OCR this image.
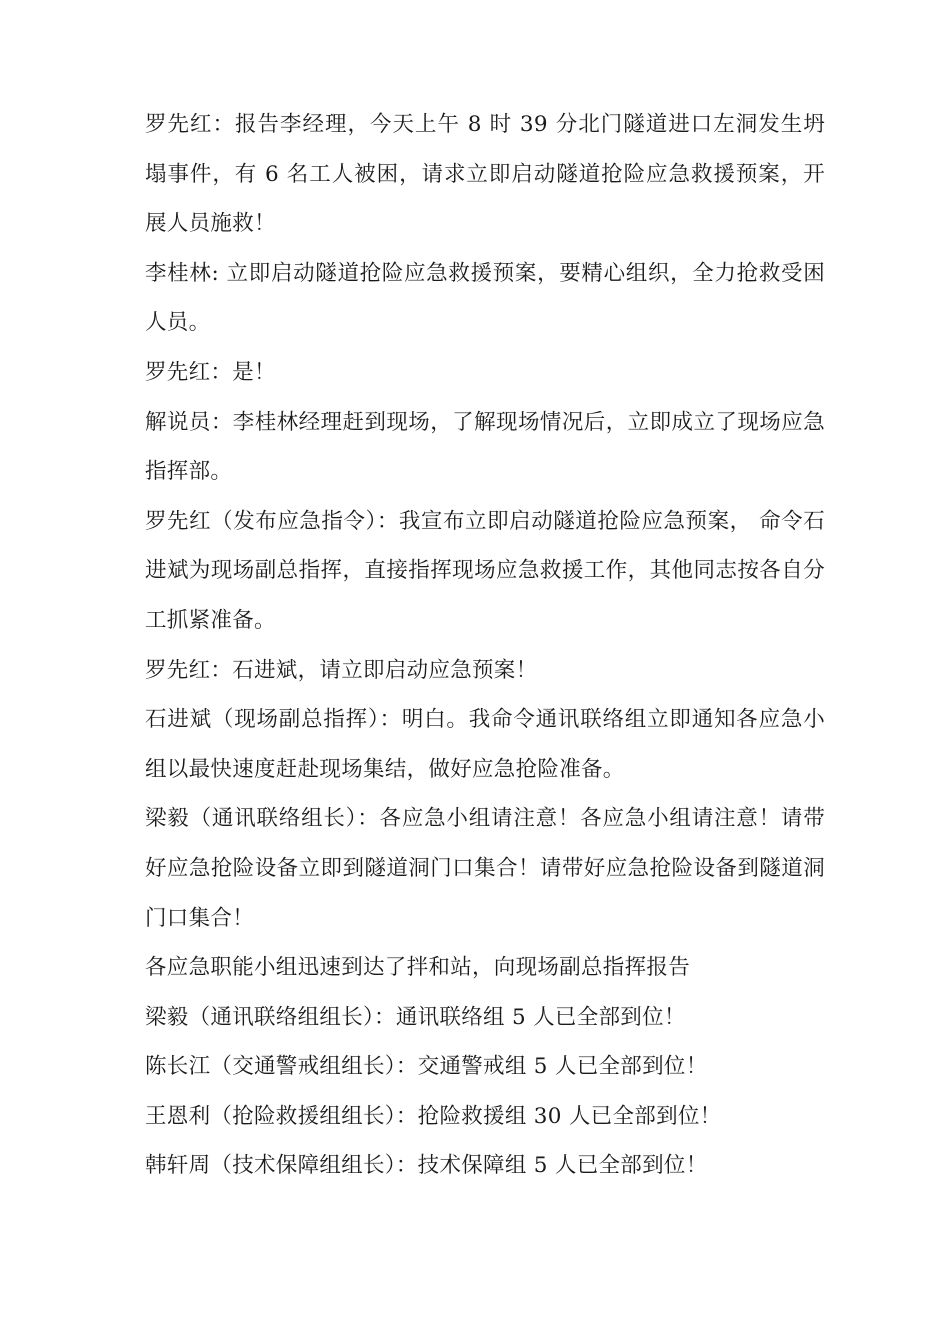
罗先红：报告李经理，今天上午 8 时 39 分北门隧道进口左洞发生坍塌事件，有 6 名工人被困，请求立即启动隧道抢险应急救援预案，开展人员施救！

李桂林: 立即启动隧道抢险应急救援预案，要精心组织，全力抢救受困人员。

罗先红：是！

解说员：李桂林经理赶到现场，了解现场情况后，立即成立了现场应急指挥部。

罗先红（发布应急指令）：我宣布立即启动隧道抢险应急预案， 命令石进斌为现场副总指挥，直接指挥现场应急救援工作，其他同志按各自分工抓紧准备。

罗先红：石进斌，请立即启动应急预案！

石进斌（现场副总指挥）：明白。我命令通讯联络组立即通知各应急小组以最快速度赶赴现场集结，做好应急抢险准备。

梁毅（通讯联络组长）：各应急小组请注意！各应急小组请注意！请带好应急抢险设备立即到隧道洞门口集合！请带好应急抢险设备到隧道洞门口集合！

各应急职能小组迅速到达了拌和站，向现场副总指挥报告

梁毅（通讯联络组组长）：通讯联络组 5 人已全部到位！

陈长江（交通警戒组组长）：交通警戒组 5 人已全部到位！

王恩利（抢险救援组组长）：抢险救援组 30 人已全部到位！

韩轩周（技术保障组组长）：技术保障组 5 人已全部到位！
